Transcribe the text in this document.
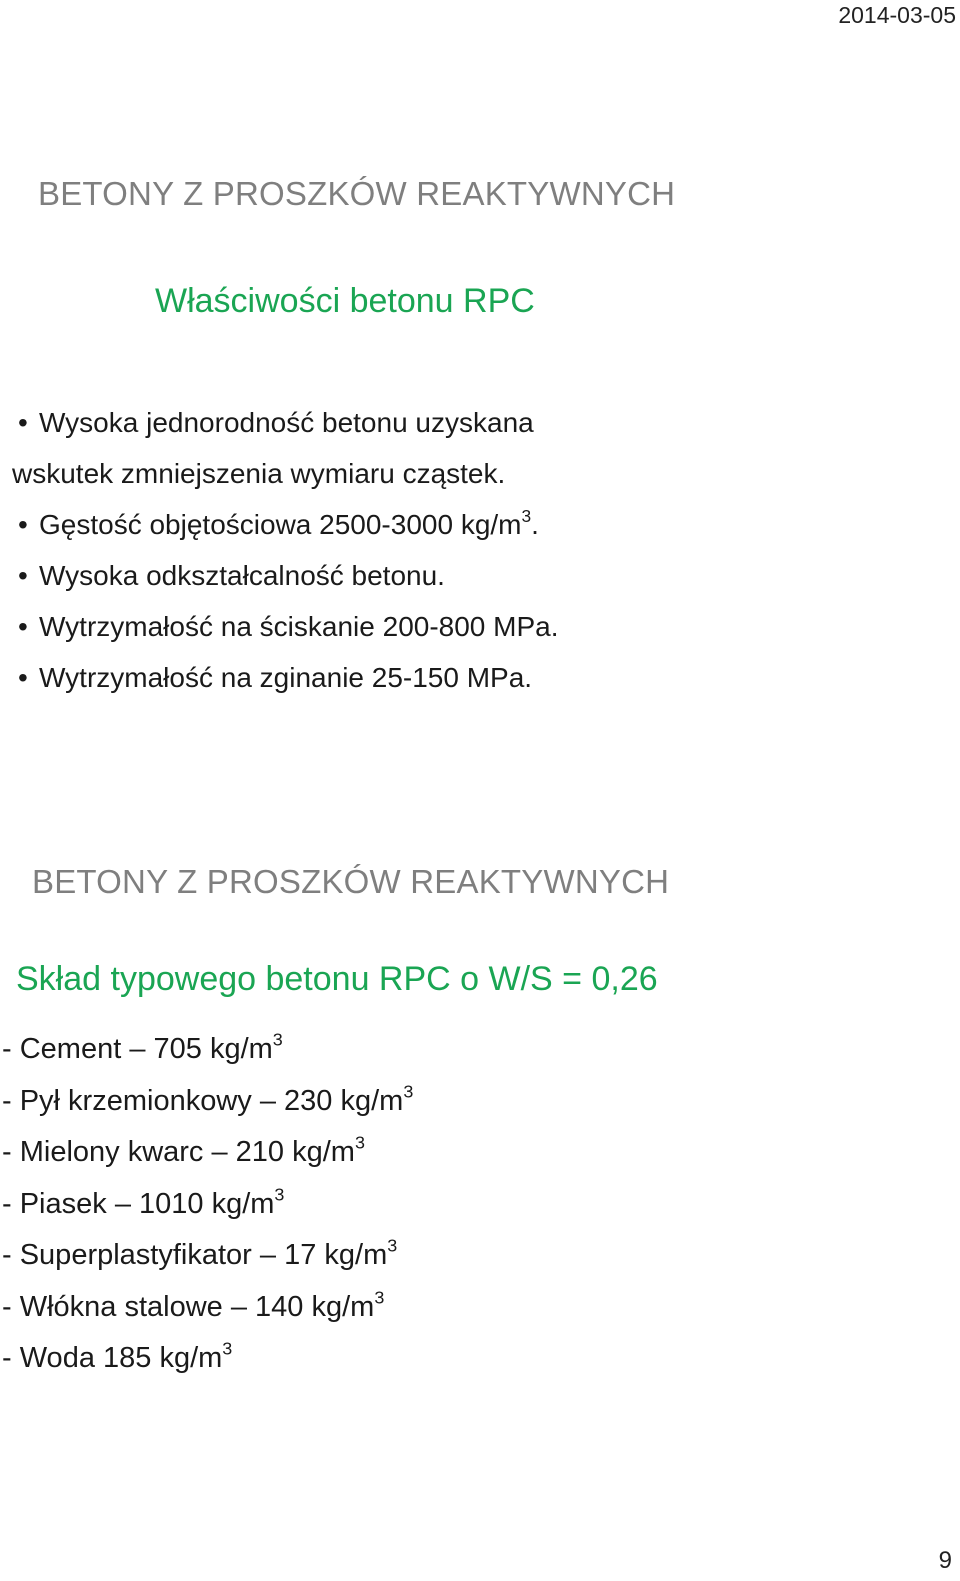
2014-03-05
BETONY Z PROSZKÓW REAKTYWNYCH
Właściwości betonu RPC
• Wysoka jednorodność betonu uzyskana
wskutek zmniejszenia wymiaru cząstek.
• Gęstość objętościowa 2500-3000 $kg/m^3$.
• Wysoka odkształcalność betonu.
• Wytrzymałość na ściskanie 200-800 MPa.
• Wytrzymałość na zginanie 25-150 MPa.
BETONY Z PROSZKÓW REAKTYWNYCH
Skład typowego betonu RPC o W/S = 0,26
- Cement – 705 $kg/m^3$
- Pył krzemionkowy – 230 $kg/m^3$
- Mielony kwarc – 210 $kg/m^3$
- Piasek – 1010 $kg/m^3$
- Superplastyfikator – 17 $kg/m^3$
- Włókna stalowe – 140 $kg/m^3$
- Woda 185 $kg/m^3$
9
